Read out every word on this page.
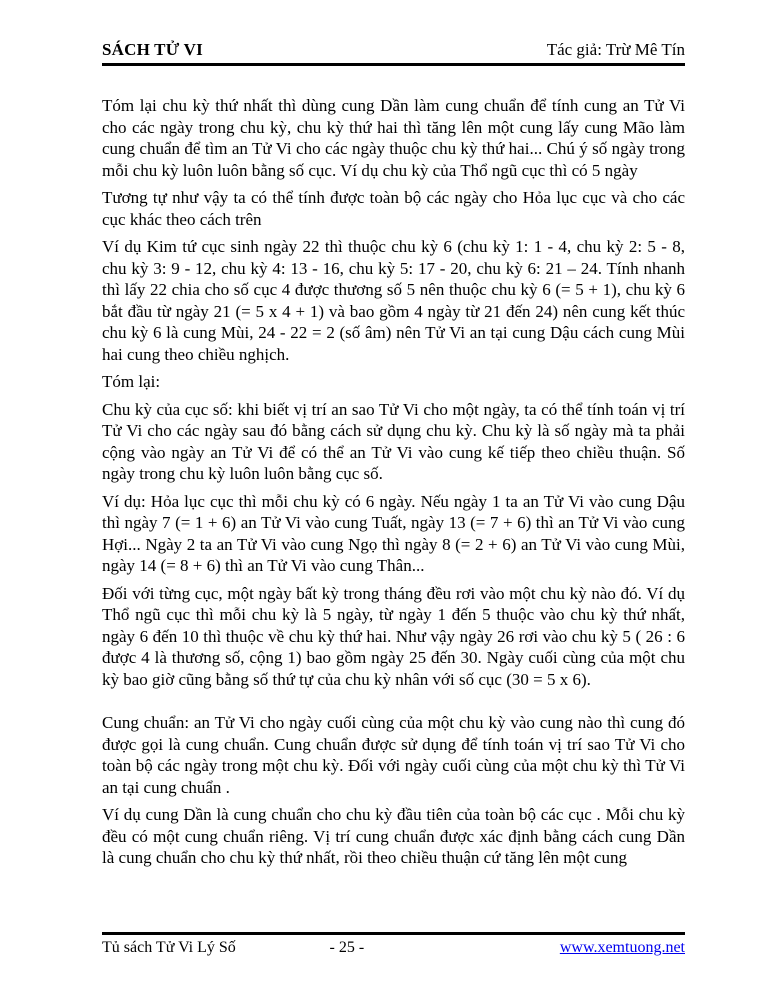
SÁCH TỬ VI	Tác giả: Trừ Mê Tín

Tóm lại chu kỳ thứ nhất thì dùng cung Dần làm cung chuẩn để tính cung an Tử Vi cho các ngày trong chu kỳ, chu kỳ thứ hai thì tăng lên một cung lấy cung Mão làm cung chuẩn để tìm an Tử Vi cho các ngày thuộc chu kỳ thứ hai... Chú ý số ngày trong mỗi chu kỳ luôn luôn bằng số cục. Ví dụ chu kỳ của Thổ ngũ cục thì có 5 ngày

Tương tự như vậy ta có thể tính được toàn bộ các ngày cho Hỏa lục cục và cho các cục khác theo cách trên

Ví dụ Kim tứ cục sinh ngày 22 thì thuộc chu kỳ 6 (chu kỳ 1: 1 - 4, chu kỳ 2: 5 - 8, chu kỳ 3: 9 - 12, chu kỳ 4: 13 - 16, chu kỳ 5: 17 - 20, chu kỳ 6: 21 – 24. Tính nhanh thì lấy 22 chia cho số cục 4 được thương số 5 nên thuộc chu kỳ 6 (= 5 + 1), chu kỳ 6 bắt đầu từ ngày 21 (= 5 x 4 + 1) và bao gồm 4 ngày từ 21 đến 24) nên cung kết thúc chu kỳ 6 là cung Mùi, 24 - 22 = 2 (số âm) nên Tử Vi an tại cung Dậu cách cung Mùi hai cung theo chiều nghịch.

Tóm lại:

Chu kỳ của cục số: khi biết vị trí an sao Tử Vi cho một ngày, ta có thể tính toán vị trí Tử Vi cho các ngày sau đó bằng cách sử dụng chu kỳ. Chu kỳ là số ngày mà ta phải cộng vào ngày an Tử Vi để có thể an Tử Vi vào cung kế tiếp theo chiều thuận. Số ngày trong chu kỳ luôn luôn bằng cục số.

Ví dụ: Hỏa lục cục thì mỗi chu kỳ có 6 ngày. Nếu ngày 1 ta an Tử Vi vào cung Dậu thì ngày 7 (= 1 + 6) an Tử Vi vào cung Tuất, ngày 13 (= 7 + 6) thì an Tử Vi vào cung Hợi... Ngày 2 ta an Tử Vi vào cung Ngọ thì ngày 8 (= 2 + 6) an Tử Vi vào cung Mùi, ngày 14 (= 8 + 6) thì an Tử Vi vào cung Thân...

Đối với từng cục, một ngày bất kỳ trong tháng đều rơi vào một chu kỳ nào đó. Ví dụ Thổ ngũ cục thì mỗi chu kỳ là 5 ngày, từ ngày 1 đến 5 thuộc vào chu kỳ thứ nhất, ngày 6 đến 10 thì thuộc về chu kỳ thứ hai. Như vậy ngày 26 rơi vào chu kỳ 5 ( 26 : 6 được 4 là thương số, cộng 1) bao gồm ngày 25 đến 30. Ngày cuối cùng của một chu kỳ bao giờ cũng bằng số thứ tự của chu kỳ nhân với số cục (30 = 5 x 6).

Cung chuẩn: an Tử Vi cho ngày cuối cùng của một chu kỳ vào cung nào thì cung đó được gọi là cung chuẩn. Cung chuẩn được sử dụng để tính toán vị trí sao Tử Vi cho toàn bộ các ngày trong một chu kỳ. Đối với ngày cuối cùng của một chu kỳ thì Tử Vi an tại cung chuẩn .

Ví dụ cung Dần là cung chuẩn cho chu kỳ đầu tiên của toàn bộ các cục . Mỗi chu kỳ đều có một cung chuẩn riêng. Vị trí cung chuẩn được xác định bằng cách cung Dần là cung chuẩn cho chu kỳ thứ nhất, rồi theo chiều thuận cứ tăng lên một cung

Tủ sách Tử Vi Lý Số	- 25 -	www.xemtuong.net
